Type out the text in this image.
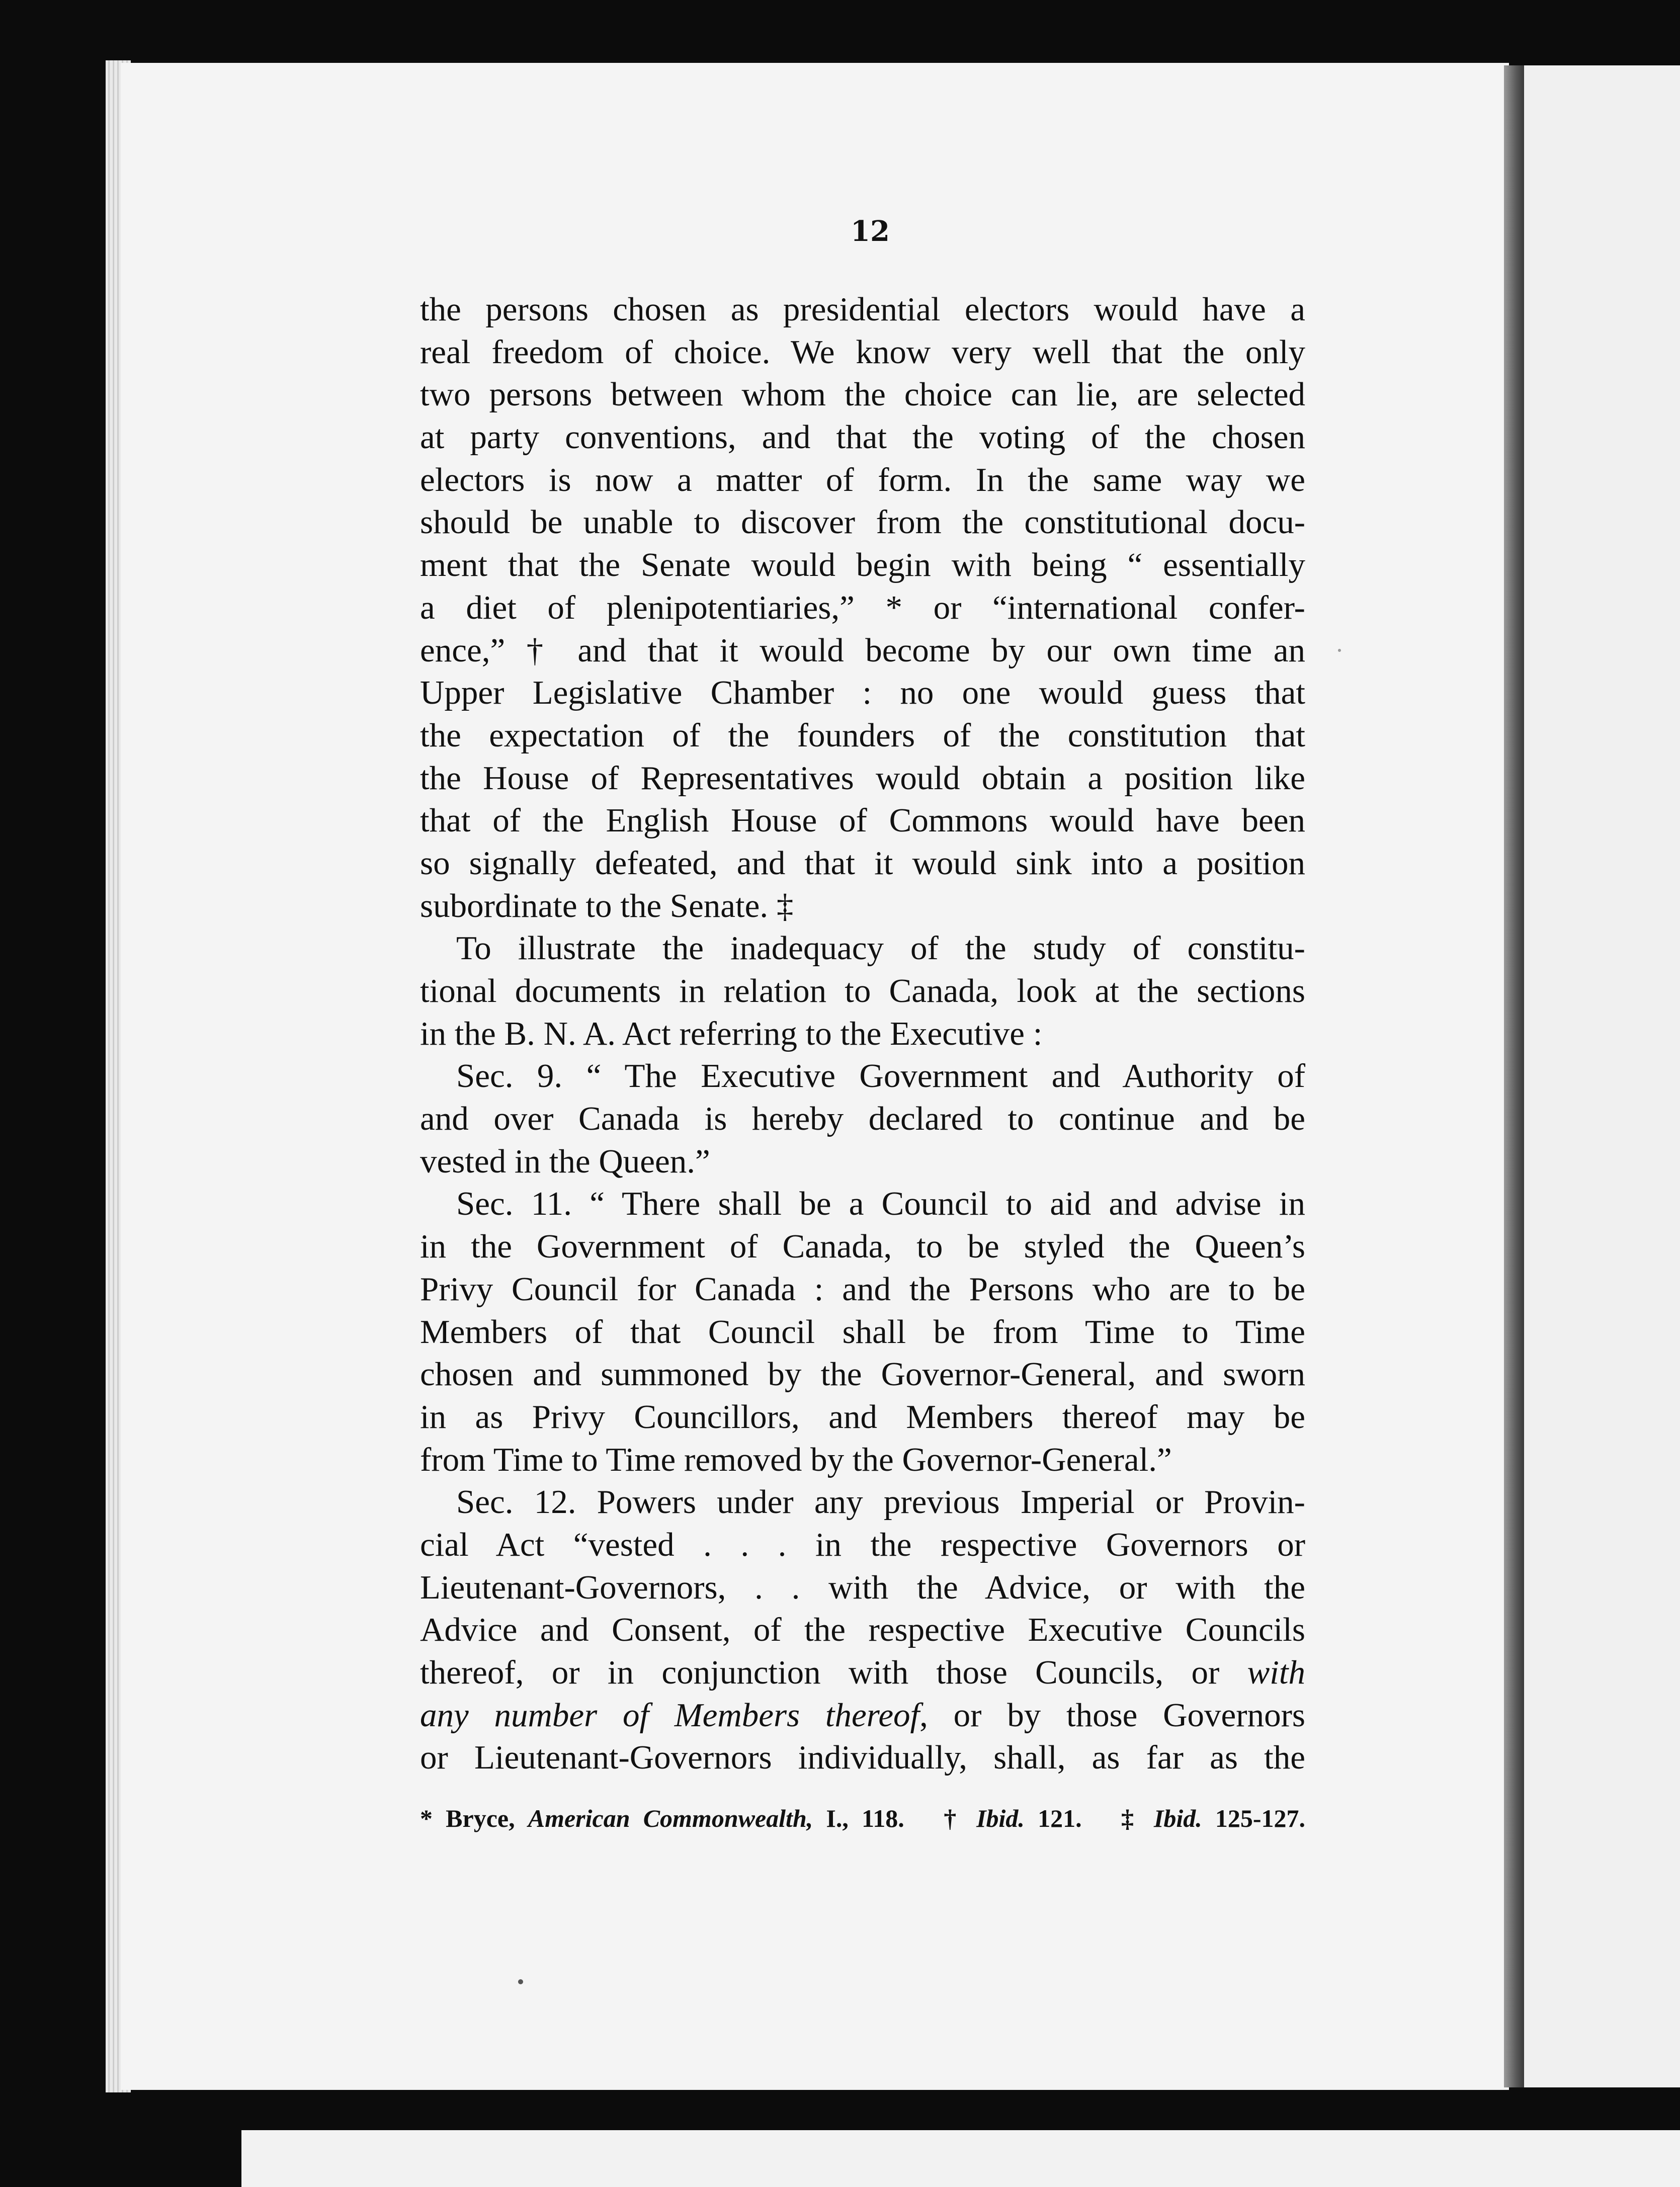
12

the persons chosen as presidential electors would have a
real freedom of choice. We know very well that the only
two persons between whom the choice can lie, are selected
at party conventions, and that the voting of the chosen
electors is now a matter of form. In the same way we
should be unable to discover from the constitutional docu-
ment that the Senate would begin with being “ essentially
a diet of plenipotentiaries,” * or “international confer-
ence,” † and that it would become by our own time an
Upper Legislative Chamber : no one would guess that
the expectation of the founders of the constitution that
the House of Representatives would obtain a position like
that of the English House of Commons would have been
so signally defeated, and that it would sink into a position
subordinate to the Senate. ‡
To illustrate the inadequacy of the study of constitu-
tional documents in relation to Canada, look at the sections
in the B. N. A. Act referring to the Executive :
Sec. 9. “ The Executive Government and Authority of
and over Canada is hereby declared to continue and be
vested in the Queen.”
Sec. 11. “ There shall be a Council to aid and advise in
in the Government of Canada, to be styled the Queen’s
Privy Council for Canada : and the Persons who are to be
Members of that Council shall be from Time to Time
chosen and summoned by the Governor-General, and sworn
in as Privy Councillors, and Members thereof may be
from Time to Time removed by the Governor-General.”
Sec. 12. Powers under any previous Imperial or Provin-
cial Act “vested . . . in the respective Governors or
Lieutenant-Governors, . . with the Advice, or with the
Advice and Consent, of the respective Executive Councils
thereof, or in conjunction with those Councils, or with
any number of Members thereof, or by those Governors
or Lieutenant-Governors individually, shall, as far as the

* Bryce, American Commonwealth, I., 118. † Ibid. 121. ‡ Ibid. 125-127.
